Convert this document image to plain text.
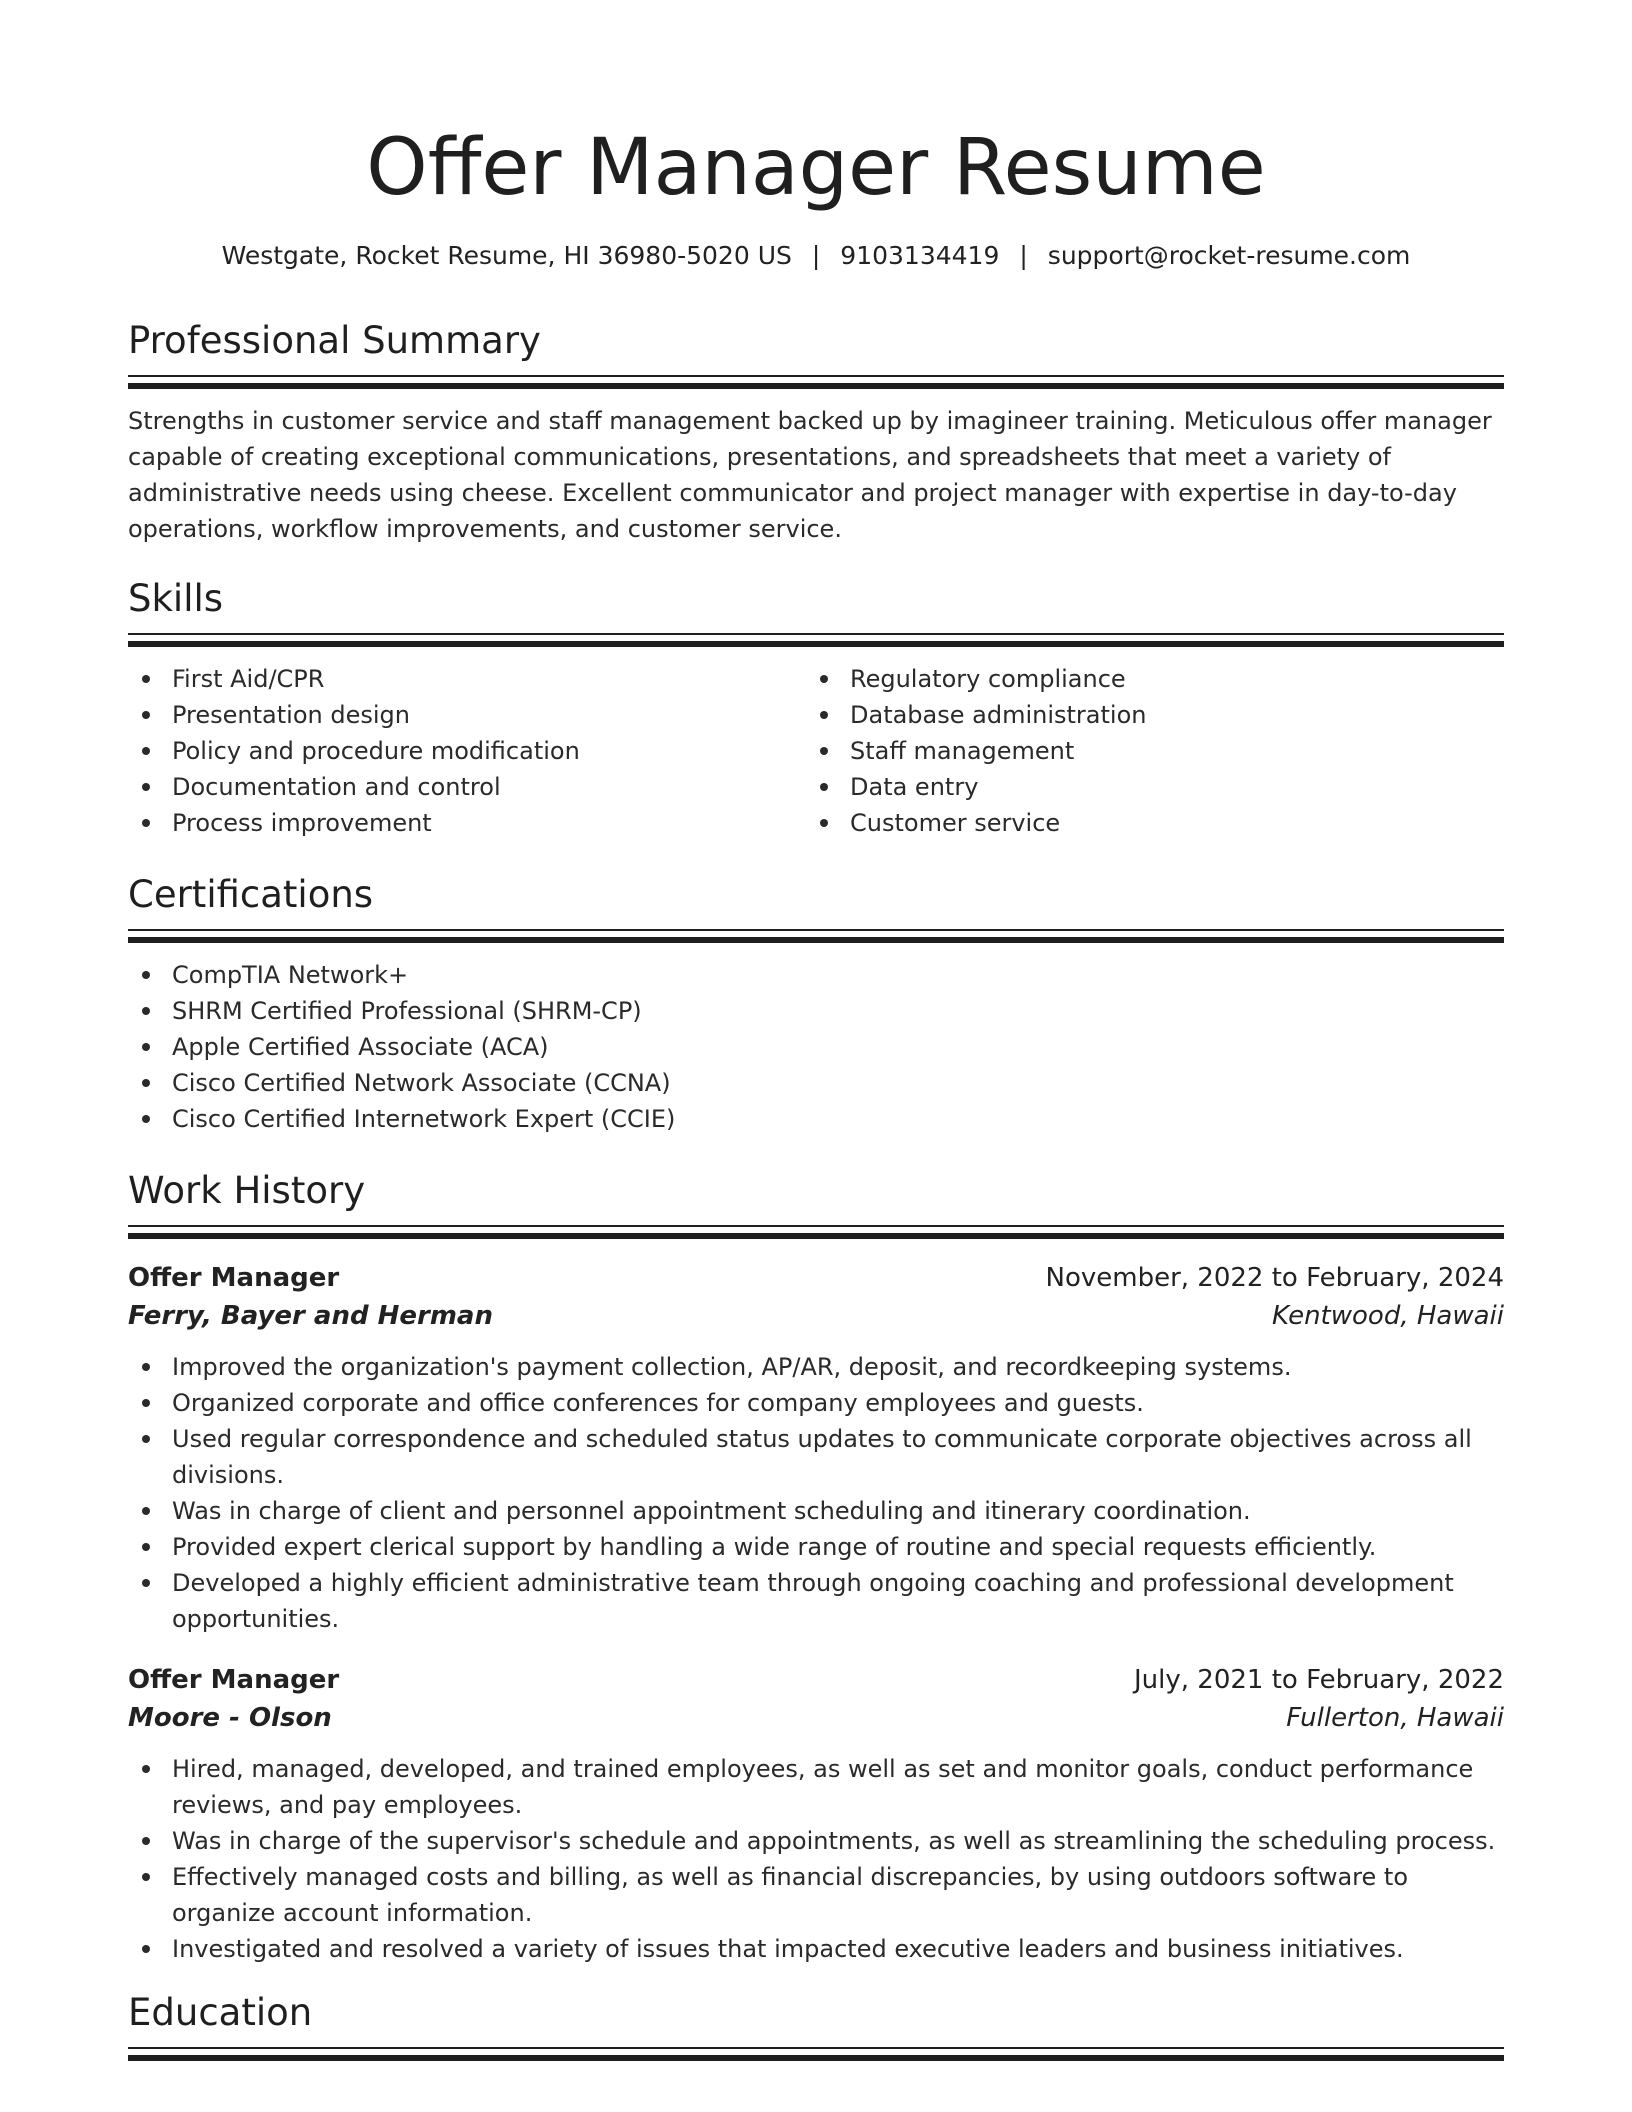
Offer Manager Resume
Westgate, Rocket Resume, HI 36980-5020 US | 9103134419 | support@rocket-resume.com
Professional Summary

Strengths in customer service and staff management backed up by imagineer training. Meticulous offer manager capable of creating exceptional communications, presentations, and spreadsheets that meet a variety of administrative needs using cheese. Excellent communicator and project manager with expertise in day-to-day operations, workflow improvements, and customer service.

Skills
First Aid/CPR
Presentation design
Policy and procedure modification
Documentation and control
Process improvement
Regulatory compliance
Database administration
Staff management
Data entry
Customer service
Certifications
CompTIA Network+
SHRM Certified Professional (SHRM-CP)
Apple Certified Associate (ACA)
Cisco Certified Network Associate (CCNA)
Cisco Certified Internetwork Expert (CCIE)
Work History
Offer Manager	November, 2022 to February, 2024
Ferry, Bayer and Herman	Kentwood, Hawaii
Improved the organization's payment collection, AP/AR, deposit, and recordkeeping systems.
Organized corporate and office conferences for company employees and guests.
Used regular correspondence and scheduled status updates to communicate corporate objectives across all divisions.
Was in charge of client and personnel appointment scheduling and itinerary coordination.
Provided expert clerical support by handling a wide range of routine and special requests efficiently.
Developed a highly efficient administrative team through ongoing coaching and professional development opportunities.
Offer Manager	July, 2021 to February, 2022
Moore - Olson	Fullerton, Hawaii
Hired, managed, developed, and trained employees, as well as set and monitor goals, conduct performance reviews, and pay employees.
Was in charge of the supervisor's schedule and appointments, as well as streamlining the scheduling process.
Effectively managed costs and billing, as well as financial discrepancies, by using outdoors software to organize account information.
Investigated and resolved a variety of issues that impacted executive leaders and business initiatives.
Education
